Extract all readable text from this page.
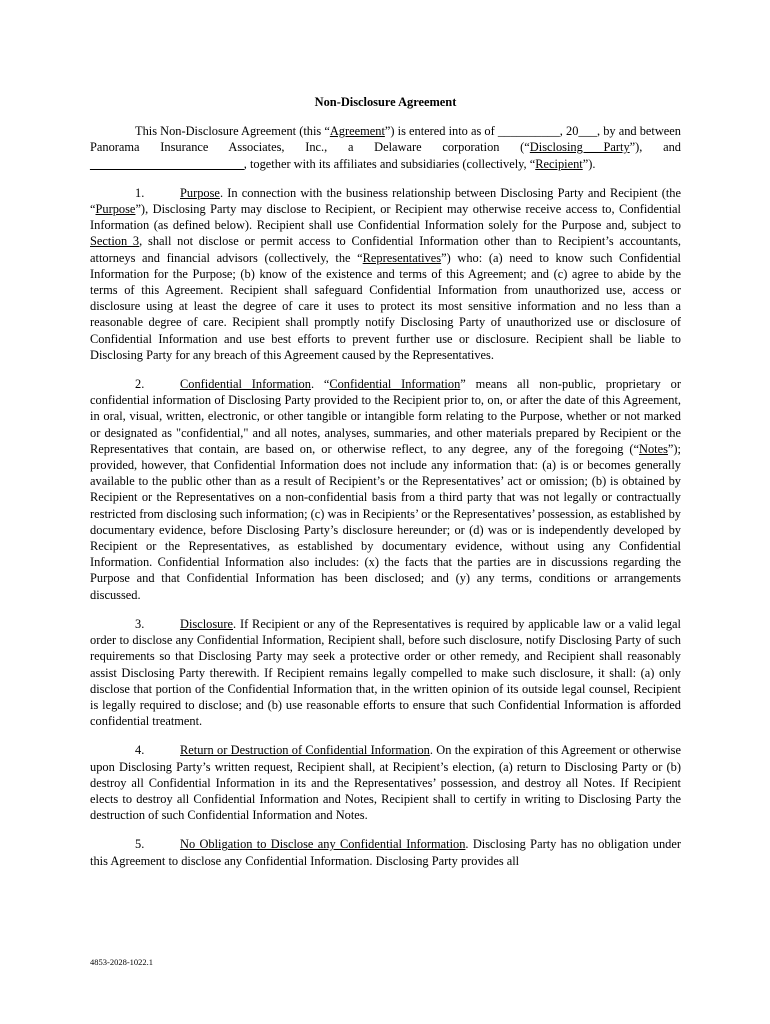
Non-Disclosure Agreement

This Non-Disclosure Agreement (this “Agreement”) is entered into as of __________, 20___, by and between Panorama Insurance Associates, Inc., a Delaware corporation (“Disclosing Party”), and ___________________________, together with its affiliates and subsidiaries (collectively, “Recipient”).

1.	Purpose. In connection with the business relationship between Disclosing Party and Recipient (the “Purpose”), Disclosing Party may disclose to Recipient, or Recipient may otherwise receive access to, Confidential Information (as defined below). Recipient shall use Confidential Information solely for the Purpose and, subject to Section 3, shall not disclose or permit access to Confidential Information other than to Recipient’s accountants, attorneys and financial advisors (collectively, the “Representatives”) who: (a) need to know such Confidential Information for the Purpose; (b) know of the existence and terms of this Agreement; and (c) agree to abide by the terms of this Agreement. Recipient shall safeguard Confidential Information from unauthorized use, access or disclosure using at least the degree of care it uses to protect its most sensitive information and no less than a reasonable degree of care. Recipient shall promptly notify Disclosing Party of unauthorized use or disclosure of Confidential Information and use best efforts to prevent further use or disclosure. Recipient shall be liable to Disclosing Party for any breach of this Agreement caused by the Representatives.

2.	Confidential Information. “Confidential Information” means all non-public, proprietary or confidential information of Disclosing Party provided to the Recipient prior to, on, or after the date of this Agreement, in oral, visual, written, electronic, or other tangible or intangible form relating to the Purpose, whether or not marked or designated as "confidential," and all notes, analyses, summaries, and other materials prepared by Recipient or the Representatives that contain, are based on, or otherwise reflect, to any degree, any of the foregoing (“Notes”); provided, however, that Confidential Information does not include any information that: (a) is or becomes generally available to the public other than as a result of Recipient’s or the Representatives’ act or omission; (b) is obtained by Recipient or the Representatives on a non-confidential basis from a third party that was not legally or contractually restricted from disclosing such information; (c) was in Recipients’ or the Representatives’ possession, as established by documentary evidence, before Disclosing Party’s disclosure hereunder; or (d) was or is independently developed by Recipient or the Representatives, as established by documentary evidence, without using any Confidential Information. Confidential Information also includes: (x) the facts that the parties are in discussions regarding the Purpose and that Confidential Information has been disclosed; and (y) any terms, conditions or arrangements discussed.

3.	Disclosure. If Recipient or any of the Representatives is required by applicable law or a valid legal order to disclose any Confidential Information, Recipient shall, before such disclosure, notify Disclosing Party of such requirements so that Disclosing Party may seek a protective order or other remedy, and Recipient shall reasonably assist Disclosing Party therewith. If Recipient remains legally compelled to make such disclosure, it shall: (a) only disclose that portion of the Confidential Information that, in the written opinion of its outside legal counsel, Recipient is legally required to disclose; and (b) use reasonable efforts to ensure that such Confidential Information is afforded confidential treatment.

4.	Return or Destruction of Confidential Information. On the expiration of this Agreement or otherwise upon Disclosing Party’s written request, Recipient shall, at Recipient’s election, (a) return to Disclosing Party or (b) destroy all Confidential Information in its and the Representatives’ possession, and destroy all Notes. If Recipient elects to destroy all Confidential Information and Notes, Recipient shall to certify in writing to Disclosing Party the destruction of such Confidential Information and Notes.

5.	No Obligation to Disclose any Confidential Information. Disclosing Party has no obligation under this Agreement to disclose any Confidential Information. Disclosing Party provides all

4853-2028-1022.1
